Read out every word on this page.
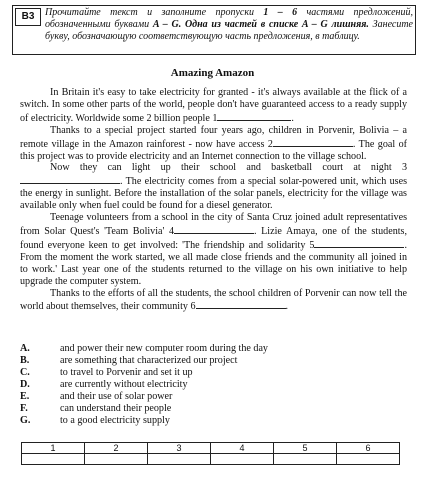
B3	Прочитайте текст и заполните пропуски 1 – 6 частями предложений, обозначенными буквами A – G. Одна из частей в списке A – G лишняя. Занесите букву, обозначающую соответствующую часть предложения, в таблицу.
Amazing Amazon

In Britain it's easy to take electricity for granted - it's always available at the flick of a switch. In some other parts of the world, people don't have guaranteed access to a ready supply of electricity. Worldwide some 2 billion people 1	.

Thanks to a special project started four years ago, children in Porvenir, Bolivia – a remote village in the Amazon rainforest - now have access 2	. The goal of this project was to provide electricity and an Internet connection to the village school.

Now they can light up their school and basketball court at night 3. The electricity comes from a special solar-powered unit, which uses the energy in sunlight. Before the installation of the solar panels, electricity for the village was available only when fuel could be found for a diesel generator.

Teenage volunteers from a school in the city of Santa Cruz joined adult representatives from Solar Quest's 'Team Bolivia' 4	. Lizie Amaya, one of the students, found everyone keen to get involved: 'The friendship and solidarity 5	. From the moment the work started, we all made close friends and the community all joined in to work.' Last year one of the students returned to the village on his own initiative to help upgrade the computer system.

Thanks to the efforts of all the students, the school children of Porvenir can now tell the world about themselves, their community 6	.

A.	and power their new computer room during the day
B.	are something that characterized our project
C.	to travel to Porvenir and set it up
D.	are currently without electricity
E.	and their use of solar power
F.	can understand their people
G.	to a good electricity supply
1	2	3	4	5	6
